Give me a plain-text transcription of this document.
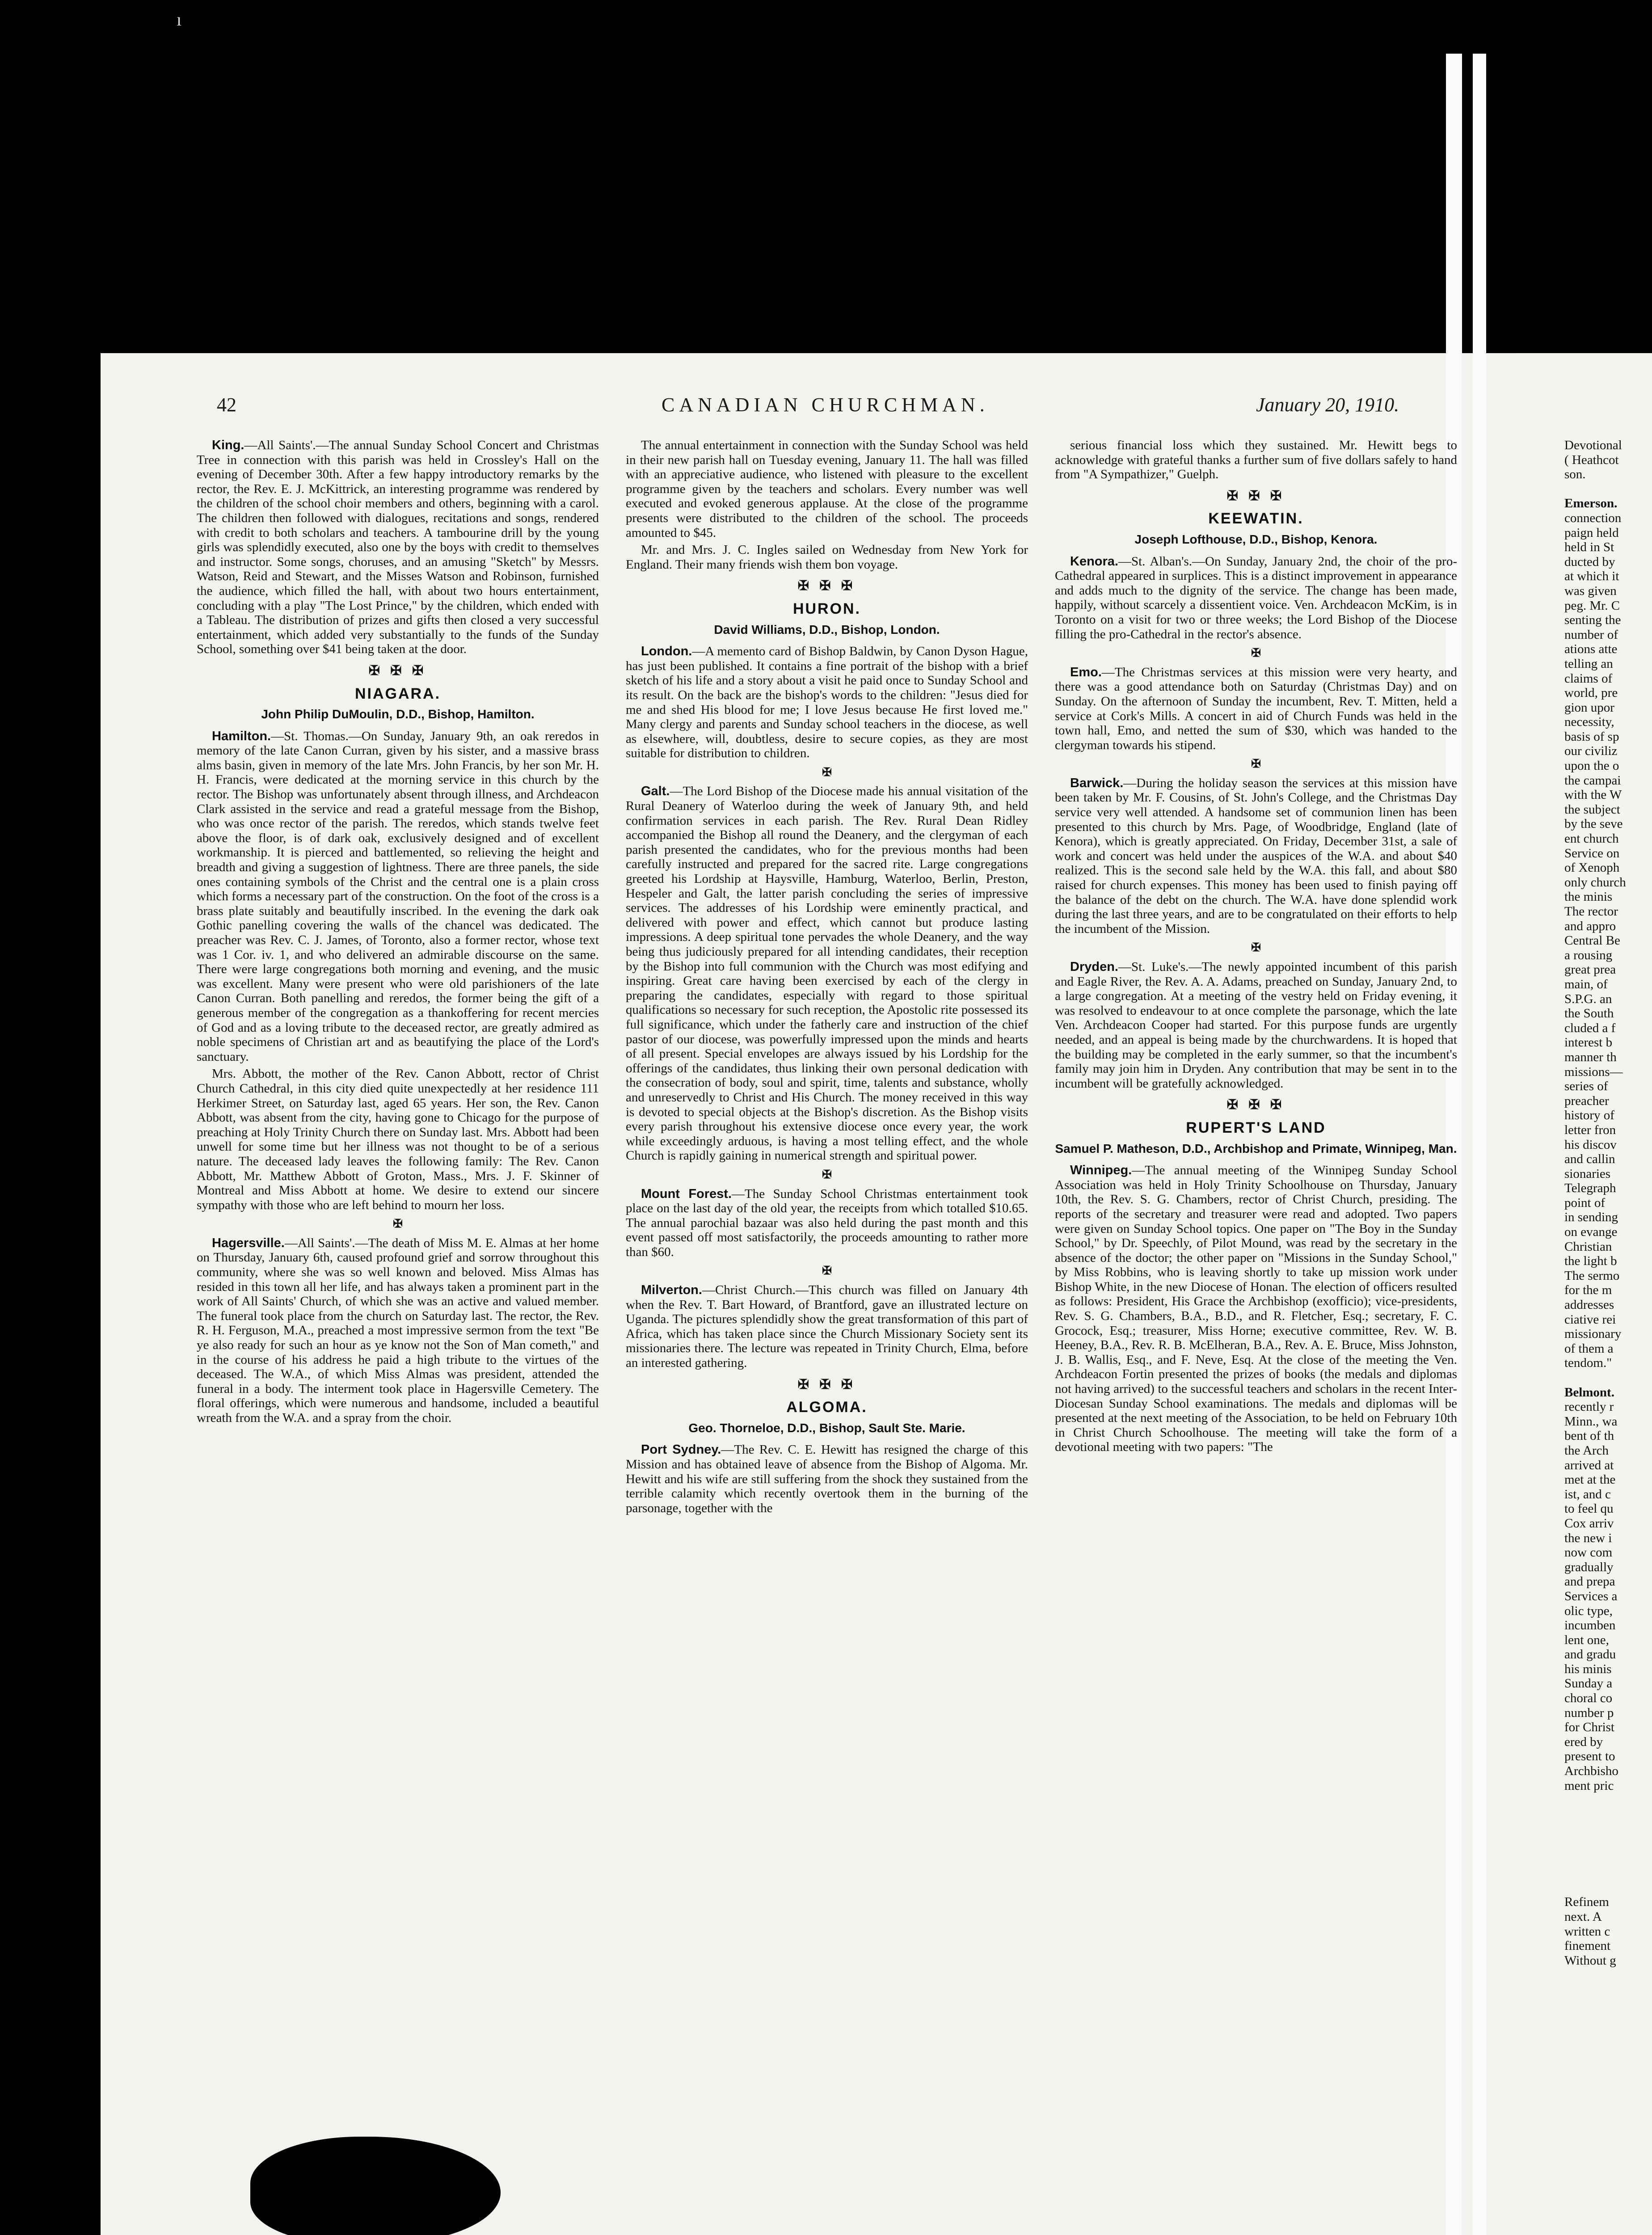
ı
42	CANADIAN CHURCHMAN.	January 20, 1910.

King.—All Saints'.—The annual Sunday School Concert and Christmas Tree in connection with this parish was held in Crossley's Hall on the evening of December 30th. After a few happy introductory remarks by the rector, the Rev. E. J. McKittrick, an interesting programme was rendered by the children of the school choir members and others, beginning with a carol. The children then followed with dialogues, recitations and songs, rendered with credit to both scholars and teachers. A tambourine drill by the young girls was splendidly executed, also one by the boys with credit to themselves and instructor. Some songs, choruses, and an amusing "Sketch" by Messrs. Watson, Reid and Stewart, and the Misses Watson and Robinson, furnished the audience, which filled the hall, with about two hours entertainment, concluding with a play "The Lost Prince," by the children, which ended with a Tableau. The distribution of prizes and gifts then closed a very successful entertainment, which added very substantially to the funds of the Sunday School, something over $41 being taken at the door.

✠ ✠ ✠
NIAGARA.
John Philip DuMoulin, D.D., Bishop, Hamilton.

Hamilton.—St. Thomas.—On Sunday, January 9th, an oak reredos in memory of the late Canon Curran, given by his sister, and a massive brass alms basin, given in memory of the late Mrs. John Francis, by her son Mr. H. H. Francis, were dedicated at the morning service in this church by the rector. The Bishop was unfortunately absent through illness, and Archdeacon Clark assisted in the service and read a grateful message from the Bishop, who was once rector of the parish. The reredos, which stands twelve feet above the floor, is of dark oak, exclusively designed and of excellent workmanship. It is pierced and battlemented, so relieving the height and breadth and giving a suggestion of lightness. There are three panels, the side ones containing symbols of the Christ and the central one is a plain cross which forms a necessary part of the construction. On the foot of the cross is a brass plate suitably and beautifully inscribed. In the evening the dark oak Gothic panelling covering the walls of the chancel was dedicated. The preacher was Rev. C. J. James, of Toronto, also a former rector, whose text was 1 Cor. iv. 1, and who delivered an admirable discourse on the same. There were large congregations both morning and evening, and the music was excellent. Many were present who were old parishioners of the late Canon Curran. Both panelling and reredos, the former being the gift of a generous member of the congregation as a thankoffering for recent mercies of God and as a loving tribute to the deceased rector, are greatly admired as noble specimens of Christian art and as beautifying the place of the Lord's sanctuary.

Mrs. Abbott, the mother of the Rev. Canon Abbott, rector of Christ Church Cathedral, in this city died quite unexpectedly at her residence 111 Herkimer Street, on Saturday last, aged 65 years. Her son, the Rev. Canon Abbott, was absent from the city, having gone to Chicago for the purpose of preaching at Holy Trinity Church there on Sunday last. Mrs. Abbott had been unwell for some time but her illness was not thought to be of a serious nature. The deceased lady leaves the following family: The Rev. Canon Abbott, Mr. Matthew Abbott of Groton, Mass., Mrs. J. F. Skinner of Montreal and Miss Abbott at home. We desire to extend our sincere sympathy with those who are left behind to mourn her loss.

✠

Hagersville.—All Saints'.—The death of Miss M. E. Almas at her home on Thursday, January 6th, caused profound grief and sorrow throughout this community, where she was so well known and beloved. Miss Almas has resided in this town all her life, and has always taken a prominent part in the work of All Saints' Church, of which she was an active and valued member. The funeral took place from the church on Saturday last. The rector, the Rev. R. H. Ferguson, M.A., preached a most impressive sermon from the text "Be ye also ready for such an hour as ye know not the Son of Man cometh," and in the course of his address he paid a high tribute to the virtues of the deceased. The W.A., of which Miss Almas was president, attended the funeral in a body. The interment took place in Hagersville Cemetery. The floral offerings, which were numerous and handsome, included a beautiful wreath from the W.A. and a spray from the choir.

The annual entertainment in connection with the Sunday School was held in their new parish hall on Tuesday evening, January 11. The hall was filled with an appreciative audience, who listened with pleasure to the excellent programme given by the teachers and scholars. Every number was well executed and evoked generous applause. At the close of the programme presents were distributed to the children of the school. The proceeds amounted to $45.

Mr. and Mrs. J. C. Ingles sailed on Wednesday from New York for England. Their many friends wish them bon voyage.

✠ ✠ ✠
HURON.
David Williams, D.D., Bishop, London.

London.—A memento card of Bishop Baldwin, by Canon Dyson Hague, has just been published. It contains a fine portrait of the bishop with a brief sketch of his life and a story about a visit he paid once to Sunday School and its result. On the back are the bishop's words to the children: "Jesus died for me and shed His blood for me; I love Jesus because He first loved me." Many clergy and parents and Sunday school teachers in the diocese, as well as elsewhere, will, doubtless, desire to secure copies, as they are most suitable for distribution to children.

✠

Galt.—The Lord Bishop of the Diocese made his annual visitation of the Rural Deanery of Waterloo during the week of January 9th, and held confirmation services in each parish. The Rev. Rural Dean Ridley accompanied the Bishop all round the Deanery, and the clergyman of each parish presented the candidates, who for the previous months had been carefully instructed and prepared for the sacred rite. Large congregations greeted his Lordship at Haysville, Hamburg, Waterloo, Berlin, Preston, Hespeler and Galt, the latter parish concluding the series of impressive services. The addresses of his Lordship were eminently practical, and delivered with power and effect, which cannot but produce lasting impressions. A deep spiritual tone pervades the whole Deanery, and the way being thus judiciously prepared for all intending candidates, their reception by the Bishop into full communion with the Church was most edifying and inspiring. Great care having been exercised by each of the clergy in preparing the candidates, especially with regard to those spiritual qualifications so necessary for such reception, the Apostolic rite possessed its full significance, which under the fatherly care and instruction of the chief pastor of our diocese, was powerfully impressed upon the minds and hearts of all present. Special envelopes are always issued by his Lordship for the offerings of the candidates, thus linking their own personal dedication with the consecration of body, soul and spirit, time, talents and substance, wholly and unreservedly to Christ and His Church. The money received in this way is devoted to special objects at the Bishop's discretion. As the Bishop visits every parish throughout his extensive diocese once every year, the work while exceedingly arduous, is having a most telling effect, and the whole Church is rapidly gaining in numerical strength and spiritual power.

✠

Mount Forest.—The Sunday School Christmas entertainment took place on the last day of the old year, the receipts from which totalled $10.65. The annual parochial bazaar was also held during the past month and this event passed off most satisfactorily, the proceeds amounting to rather more than $60.

✠

Milverton.—Christ Church.—This church was filled on January 4th when the Rev. T. Bart Howard, of Brantford, gave an illustrated lecture on Uganda. The pictures splendidly show the great transformation of this part of Africa, which has taken place since the Church Missionary Society sent its missionaries there. The lecture was repeated in Trinity Church, Elma, before an interested gathering.

✠ ✠ ✠
ALGOMA.
Geo. Thorneloe, D.D., Bishop, Sault Ste. Marie.

Port Sydney.—The Rev. C. E. Hewitt has resigned the charge of this Mission and has obtained leave of absence from the Bishop of Algoma. Mr. Hewitt and his wife are still suffering from the shock they sustained from the terrible calamity which recently overtook them in the burning of the parsonage, together with the

serious financial loss which they sustained. Mr. Hewitt begs to acknowledge with grateful thanks a further sum of five dollars safely to hand from "A Sympathizer," Guelph.

✠ ✠ ✠
KEEWATIN.
Joseph Lofthouse, D.D., Bishop, Kenora.

Kenora.—St. Alban's.—On Sunday, January 2nd, the choir of the pro-Cathedral appeared in surplices. This is a distinct improvement in appearance and adds much to the dignity of the service. The change has been made, happily, without scarcely a dissentient voice. Ven. Archdeacon McKim, is in Toronto on a visit for two or three weeks; the Lord Bishop of the Diocese filling the pro-Cathedral in the rector's absence.

✠

Emo.—The Christmas services at this mission were very hearty, and there was a good attendance both on Saturday (Christmas Day) and on Sunday. On the afternoon of Sunday the incumbent, Rev. T. Mitten, held a service at Cork's Mills. A concert in aid of Church Funds was held in the town hall, Emo, and netted the sum of $30, which was handed to the clergyman towards his stipend.

✠

Barwick.—During the holiday season the services at this mission have been taken by Mr. F. Cousins, of St. John's College, and the Christmas Day service very well attended. A handsome set of communion linen has been presented to this church by Mrs. Page, of Woodbridge, England (late of Kenora), which is greatly appreciated. On Friday, December 31st, a sale of work and concert was held under the auspices of the W.A. and about $40 realized. This is the second sale held by the W.A. this fall, and about $80 raised for church expenses. This money has been used to finish paying off the balance of the debt on the church. The W.A. have done splendid work during the last three years, and are to be congratulated on their efforts to help the incumbent of the Mission.

✠

Dryden.—St. Luke's.—The newly appointed incumbent of this parish and Eagle River, the Rev. A. A. Adams, preached on Sunday, January 2nd, to a large congregation. At a meeting of the vestry held on Friday evening, it was resolved to endeavour to at once complete the parsonage, which the late Ven. Archdeacon Cooper had started. For this purpose funds are urgently needed, and an appeal is being made by the churchwardens. It is hoped that the building may be completed in the early summer, so that the incumbent's family may join him in Dryden. Any contribution that may be sent in to the incumbent will be gratefully acknowledged.

✠ ✠ ✠
RUPERT'S LAND
Samuel P. Matheson, D.D., Archbishop and Primate, Winnipeg, Man.

Winnipeg.—The annual meeting of the Winnipeg Sunday School Association was held in Holy Trinity Schoolhouse on Thursday, January 10th, the Rev. S. G. Chambers, rector of Christ Church, presiding. The reports of the secretary and treasurer were read and adopted. Two papers were given on Sunday School topics. One paper on "The Boy in the Sunday School," by Dr. Speechly, of Pilot Mound, was read by the secretary in the absence of the doctor; the other paper on "Missions in the Sunday School," by Miss Robbins, who is leaving shortly to take up mission work under Bishop White, in the new Diocese of Honan. The election of officers resulted as follows: President, His Grace the Archbishop (exofficio); vice-presidents, Rev. S. G. Chambers, B.A., B.D., and R. Fletcher, Esq.; secretary, F. C. Grocock, Esq.; treasurer, Miss Horne; executive committee, Rev. W. B. Heeney, B.A., Rev. R. B. McElheran, B.A., Rev. A. E. Bruce, Miss Johnston, J. B. Wallis, Esq., and F. Neve, Esq. At the close of the meeting the Ven. Archdeacon Fortin presented the prizes of books (the medals and diplomas not having arrived) to the successful teachers and scholars in the recent Inter-Diocesan Sunday School examinations. The medals and diplomas will be presented at the next meeting of the Association, to be held on February 10th in Christ Church Schoolhouse. The meeting will take the form of a devotional meeting with two papers: "The

Devotional
( Heathcot
son.

Emerson.
connection
paign held
held in St
ducted by
at which it
was given
peg. Mr. C
senting the
number of
ations atte
telling an
claims of
world, pre
gion upor
necessity,
basis of sp
our civiliz
upon the o
the campai
with the W
the subject
by the seve
ent church
Service on
of Xenoph
only church
the minis
The rector
and appro
Central Be
a rousing
great prea
main, of
S.P.G. an
the South
cluded a f
interest b
manner th
missions—
series of
preacher
history of
letter fron
his discov
and callin
sionaries
Telegraph
point of
in sending
on evange
Christian
the light b
The sermo
for the m
addresses
ciative rei
missionary
of them a
tendom."

Belmont.
recently r
Minn., wa
bent of th
the Arch
arrived at
met at the
ist, and c
to feel qu
Cox arriv
the new i
now com
gradually
and prepa
Services a
olic type,
incumben
lent one,
and gradu
his minis
Sunday a
choral co
number p
for Christ
ered by
present to
Archbisho
ment pric

Refinem
next. A
written c
finement
Without g
